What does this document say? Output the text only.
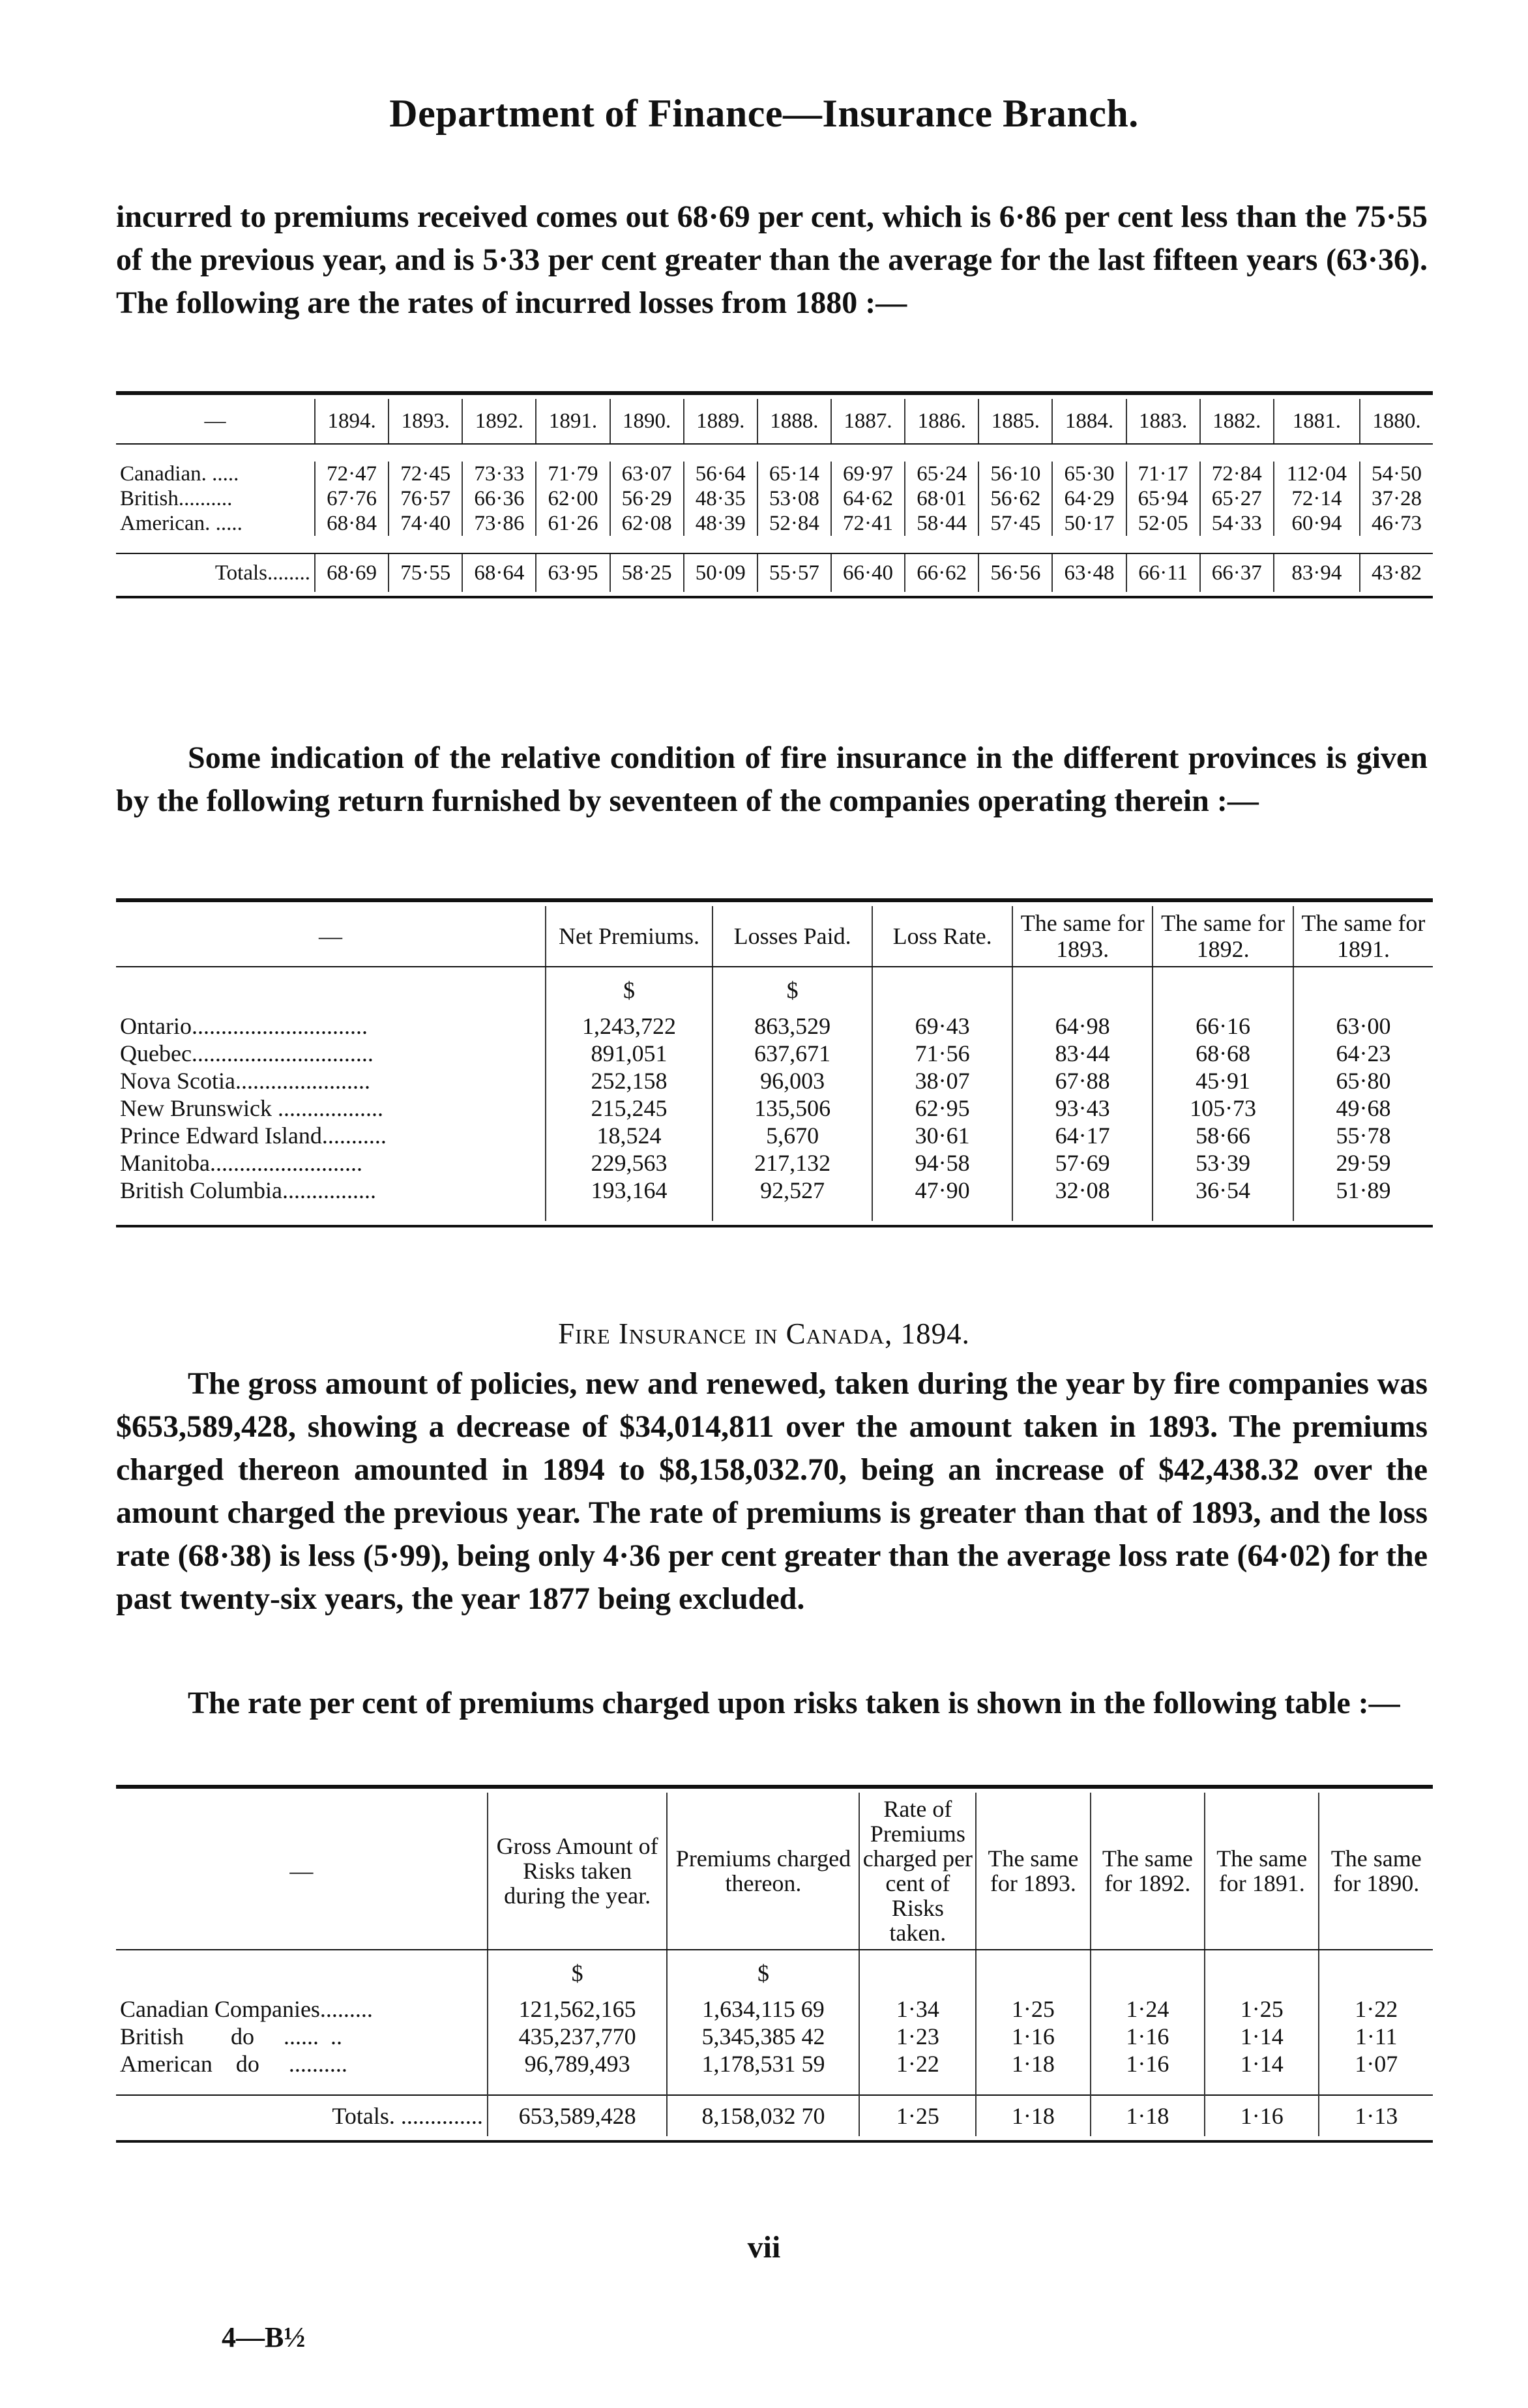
Department of Finance—Insurance Branch.
incurred to premiums received comes out 68·69 per cent, which is 6·86 per cent less than the 75·55 of the previous year, and is 5·33 per cent greater than the average for the last fifteen years (63·36). The following are the rates of incurred losses from 1880 :—

—	1894.	1893.	1892.	1891.	1890.	1889.	1888.	1887.	1886.	1885.	1884.	1883.	1882.	1881.	1880.

Canadian. .....	72·47	72·45	73·33	71·79	63·07	56·64	65·14	69·97	65·24	56·10	65·30	71·17	72·84	112·04	54·50
British..........	67·76	76·57	66·36	62·00	56·29	48·35	53·08	64·62	68·01	56·62	64·29	65·94	65·27	72·14	37·28
American. .....	68·84	74·40	73·86	61·26	62·08	48·39	52·84	72·41	58·44	57·45	50·17	52·05	54·33	60·94	46·73

Totals........	68·69	75·55	68·64	63·95	58·25	50·09	55·57	66·40	66·62	56·56	63·48	66·11	66·37	83·94	43·82

Some indication of the relative condition of fire insurance in the different provinces is given by the following return furnished by seventeen of the companies operating therein :—

—	Net Premiums.	Losses Paid.	Loss Rate.	The same for 1893.	The same for 1892.	The same for 1891.
	$	$				
Ontario..............................	1,243,722	863,529	69·43	64·98	66·16	63·00
Quebec...............................	891,051	637,671	71·56	83·44	68·68	64·23
Nova Scotia.......................	252,158	96,003	38·07	67·88	45·91	65·80
New Brunswick ..................	215,245	135,506	62·95	93·43	105·73	49·68
Prince Edward Island...........	18,524	5,670	30·61	64·17	58·66	55·78
Manitoba..........................	229,563	217,132	94·58	57·69	53·39	29·59
British Columbia................	193,164	92,527	47·90	32·08	36·54	51·89

Fire Insurance in Canada, 1894.
The gross amount of policies, new and renewed, taken during the year by fire companies was $653,589,428, showing a decrease of $34,014,811 over the amount taken in 1893. The premiums charged thereon amounted in 1894 to $8,158,032.70, being an increase of $42,438.32 over the amount charged the previous year. The rate of premiums is greater than that of 1893, and the loss rate (68·38) is less (5·99), being only 4·36 per cent greater than the average loss rate (64·02) for the past twenty-six years, the year 1877 being excluded.
The rate per cent of premiums charged upon risks taken is shown in the following table :—

—	Gross Amount of Risks taken during the year.	Premiums charged thereon.	Rate of Premiums charged per cent of Risks taken.	The same for 1893.	The same for 1892.	The same for 1891.	The same for 1890.
	$	$					
Canadian Companies.........	121,562,165	1,634,115 69	1·34	1·25	1·24	1·25	1·22
British        do     ......  ..	435,237,770	5,345,385 42	1·23	1·16	1·16	1·14	1·11
American    do     ..........	96,789,493	1,178,531 59	1·22	1·18	1·16	1·14	1·07

Totals. ..............	653,589,428	8,158,032 70	1·25	1·18	1·18	1·16	1·13

vii
4—B½
